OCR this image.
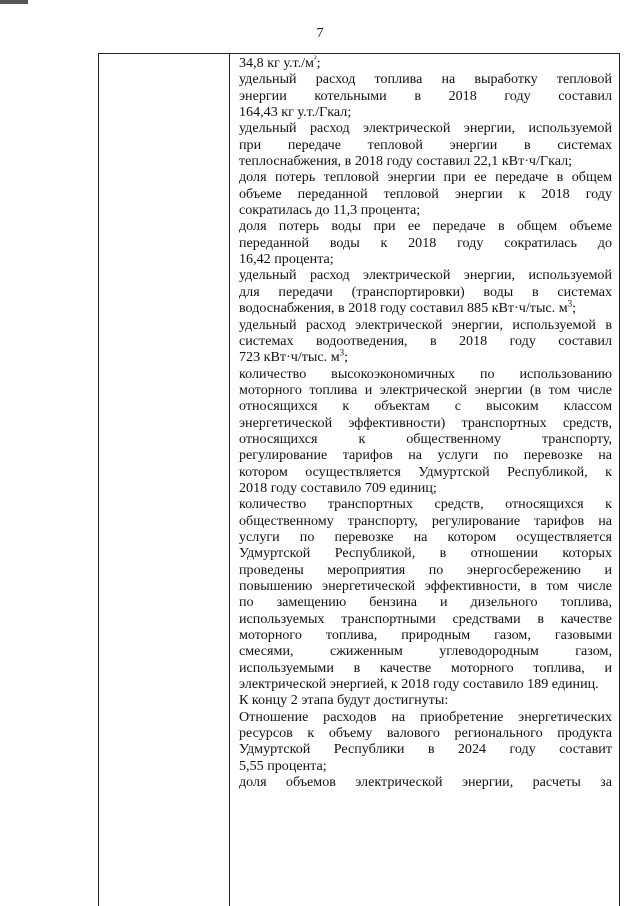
7
34,8 кг $у.т./м^{^2}$;
удельный расход топлива на выработку тепловой
энергии котельными в 2018 году составил
164,43 кг у.т./Гкал;
удельный расход электрической энергии, используемой
при передаче тепловой энергии в системах
теплоснабжения, в 2018 году составил 22,1 кВт·ч/Гкал;
доля потерь тепловой энергии при ее передаче в общем
объеме переданной тепловой энергии к 2018 году
сократилась до 11,3 процента;
доля потерь воды при ее передаче в общем объеме
переданной воды к 2018 году сократилась до
16,42 процента;
удельный расход электрической энергии, используемой
для передачи (транспортировки) воды в системах
водоснабжения, в 2018 году составил 885 кВт·ч/тыс. $м^3$;
удельный расход электрической энергии, используемой в
системах водоотведения, в 2018 году составил
723 кВт·ч/тыс. $м^3$;
количество высокоэкономичных по использованию
моторного топлива и электрической энергии (в том числе
относящихся к объектам с высоким классом
энергетической эффективности) транспортных средств,
относящихся к общественному транспорту,
регулирование тарифов на услуги по перевозке на
котором осуществляется Удмуртской Республикой, к
2018 году составило 709 единиц;
количество транспортных средств, относящихся к
общественному транспорту, регулирование тарифов на
услуги по перевозке на котором осуществляется
Удмуртской Республикой, в отношении которых
проведены мероприятия по энергосбережению и
повышению энергетической эффективности, в том числе
по замещению бензина и дизельного топлива,
используемых транспортными средствами в качестве
моторного топлива, природным газом, газовыми
смесями, сжиженным углеводородным газом,
используемыми в качестве моторного топлива, и
электрической энергией, к 2018 году составило 189 единиц.
К концу 2 этапа будут достигнуты:
Отношение расходов на приобретение энергетических
ресурсов к объему валового регионального продукта
Удмуртской Республики в 2024 году составит
5,55 процента;
доля объемов электрической энергии, расчеты за
